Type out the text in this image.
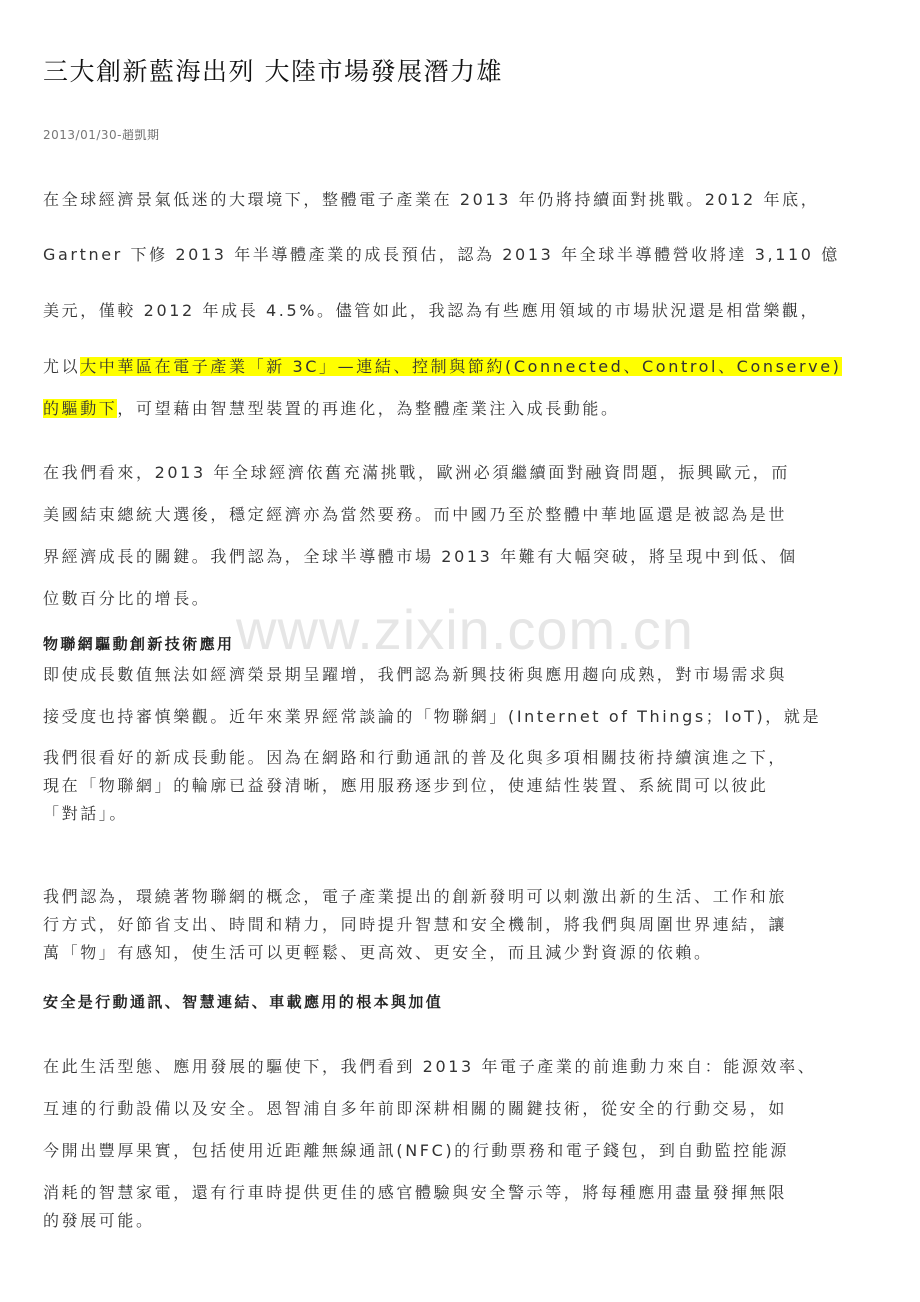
三大創新藍海出列 大陸市場發展潛力雄
2013/01/30-趙凱期
www.zixin.com.cn

在全球經濟景氣低迷的大環境下，整體電子產業在 2013 年仍將持續面對挑戰。2012 年底，

Gartner 下修 2013 年半導體產業的成長預估，認為 2013 年全球半導體營收將達 3,110 億

美元，僅較 2012 年成長 4.5%。儘管如此，我認為有些應用領域的市場狀況還是相當樂觀，

尤以大中華區在電子產業「新 3C」—連結、控制與節約(Connected、Control、Conserve)

的驅動下，可望藉由智慧型裝置的再進化，為整體產業注入成長動能。

在我們看來，2013 年全球經濟依舊充滿挑戰，歐洲必須繼續面對融資問題，振興歐元，而

美國結束總統大選後，穩定經濟亦為當然要務。而中國乃至於整體中華地區還是被認為是世

界經濟成長的關鍵。我們認為，全球半導體市場 2013 年難有大幅突破，將呈現中到低、個

位數百分比的增長。

物聯網驅動創新技術應用

即使成長數值無法如經濟榮景期呈躍增，我們認為新興技術與應用趨向成熟，對市場需求與

接受度也持審慎樂觀。近年來業界經常談論的「物聯網」(Internet of Things；IoT)，就是

我們很看好的新成長動能。因為在網路和行動通訊的普及化與多項相關技術持續演進之下，

現在「物聯網」的輪廓已益發清晰，應用服務逐步到位，使連結性裝置、系統間可以彼此

「對話」。

我們認為，環繞著物聯網的概念，電子產業提出的創新發明可以刺激出新的生活、工作和旅

行方式，好節省支出、時間和精力，同時提升智慧和安全機制，將我們與周圍世界連結，讓

萬「物」有感知，使生活可以更輕鬆、更高效、更安全，而且減少對資源的依賴。

安全是行動通訊、智慧連結、車載應用的根本與加值

在此生活型態、應用發展的驅使下，我們看到 2013 年電子產業的前進動力來自：能源效率、

互連的行動設備以及安全。恩智浦自多年前即深耕相關的關鍵技術，從安全的行動交易，如

今開出豐厚果實，包括使用近距離無線通訊(NFC)的行動票務和電子錢包，到自動監控能源

消耗的智慧家電，還有行車時提供更佳的感官體驗與安全警示等，將每種應用盡量發揮無限

的發展可能。
